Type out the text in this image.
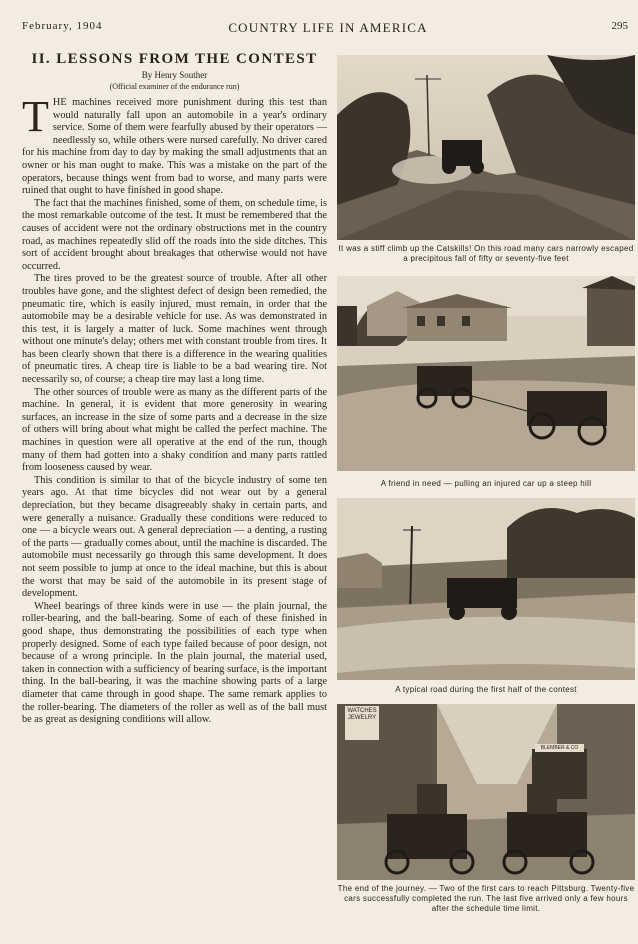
February, 1904	COUNTRY LIFE IN AMERICA	295
II. LESSONS FROM THE CONTEST
By Henry Souther
(Official examiner of the endurance run)

THE machines received more punishment during this test than would naturally fall upon an automobile in a year's ordinary service. Some of them were fearfully abused by their operators — needlessly so, while others were nursed carefully. No driver cared for his machine from day to day by making the small adjustments that an owner or his man ought to make. This was a mistake on the part of the operators, because things went from bad to worse, and many parts were ruined that ought to have finished in good shape.

The fact that the machines finished, some of them, on schedule time, is the most remarkable outcome of the test. It must be remembered that the causes of accident were not the ordinary obstructions met in the country road, as machines repeatedly slid off the roads into the side ditches. This sort of accident brought about breakages that otherwise would not have occurred.

The tires proved to be the greatest source of trouble. After all other troubles have gone, and the slightest defect of design been remedied, the pneumatic tire, which is easily injured, must remain, in order that the automobile may be a desirable vehicle for use. As was demonstrated in this test, it is largely a matter of luck. Some machines went through without one minute's delay; others met with constant trouble from tires. It has been clearly shown that there is a difference in the wearing qualities of pneumatic tires. A cheap tire is liable to be a bad wearing tire. Not necessarily so, of course; a cheap tire may last a long time.

The other sources of trouble were as many as the different parts of the machine. In general, it is evident that more generosity in wearing surfaces, an increase in the size of some parts and a decrease in the size of others will bring about what might be called the perfect machine. The machines in question were all operative at the end of the run, though many of them had gotten into a shaky condition and many parts rattled from looseness caused by wear.

This condition is similar to that of the bicycle industry of some ten years ago. At that time bicycles did not wear out by a general depreciation, but they became disagreeably shaky in certain parts, and were generally a nuisance. Gradually these conditions were reduced to one — a bicycle wears out. A general depreciation — a denting, a rusting of the parts — gradually comes about, until the machine is discarded. The automobile must necessarily go through this same development. It does not seem possible to jump at once to the ideal machine, but this is about the worst that may be said of the automobile in its present stage of development.

Wheel bearings of three kinds were in use — the plain journal, the roller-bearing, and the ball-bearing. Some of each of these finished in good shape, thus demonstrating the possibilities of each type when properly designed. Some of each type failed because of poor design, not because of a wrong principle. In the plain journal, the material used, taken in connection with a sufficiency of bearing surface, is the important thing. In the ball-bearing, it was the machine showing parts of a large diameter that came through in good shape. The same remark applies to the roller-bearing. The diameters of the roller as well as of the ball must be as great as designing conditions will allow.

It was a stiff climb up the Catskills! On this road many cars narrowly escaped a precipitous fall of fifty or seventy-five feet
A friend in need — pulling an injured car up a steep hill
A typical road during the first half of the contest
WATCHES JEWELRY
BLEMBER & CO
The end of the journey. — Two of the first cars to reach Pittsburg. Twenty-five cars successfully completed the run. The last five arrived only a few hours after the schedule time limit.
